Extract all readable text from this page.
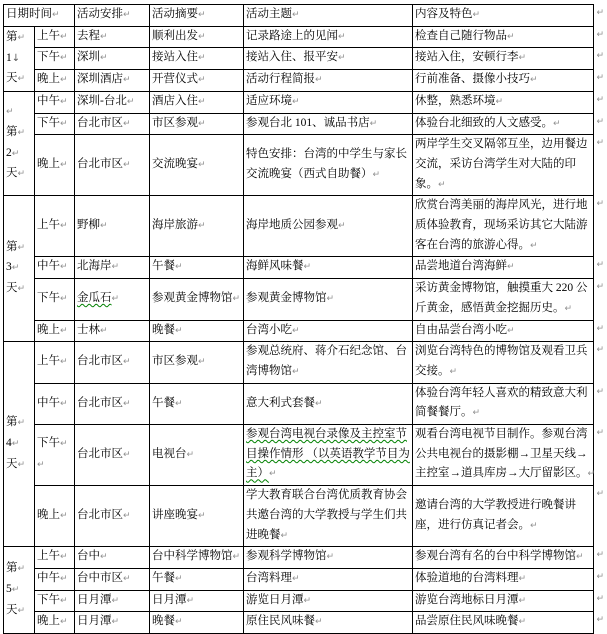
日期时间↵		活动安排↵	活动摘要↵	活动主题↵	内容及特色↵ ↵

第↵
1↓
天↵
	上午↵	去程↵	顺利出发↵	记录路途上的见闻↵	检查自己随行物品↵	↵

	下午↵	深圳↵	接站入住↵	接站入住、报平安↵	接站入住，安顿行李↵ ↵

	晚上↵	深圳酒店↵	开营仪式↵	活动行程简报↵	行前准备、摄像小技巧↵ ↵

↵
第↵
2↵
天↵
	中午↵	深圳-台北↵	酒店入住↵	适应环境↵	休整，熟悉环境↵	↵

	下午↵	台北市区↵	市区参观↵	参观台北 101、诚品书店↵	体验台北细致的人文感受。↵ ↵

	晚上↵	台北市区↵	交流晚宴↵	特色安排：台湾的中学生与家长交流晚宴（西式自助餐）↵	两岸学生交叉隔邻互坐，边用餐边交流，采访台湾学生对大陆的印象。↵
↵

第↵
3↵
天↵
	上午↵	野柳↵	海岸旅游↵	海岸地质公园参观↵	欣赏台湾美丽的海岸风光，进行地质体验教育，现场采访其它大陆游客在台湾的旅游心得。↵
↵

	中午↵	北海岸↵	午餐↵	海鲜风味餐↵	品尝地道台湾海鲜↵ ↵

	下午↵	金瓜石↵	参观黄金博物馆↵	参观黄金博物馆↵	采访黄金博物馆，触摸重大 220 公斤黄金，感悟黄金挖掘历史。↵
↵

	晚上↵	士林↵	晚餐↵	台湾小吃↵	自由品尝台湾小吃↵ ↵

第↵
4↵
天↵
	上午↵	台北市区↵	市区参观↵	参观总统府、蒋介石纪念馆、台湾博物馆↵	浏览台湾特色的博物馆及观看卫兵交接。↵
↵

	中午↵	台北市区↵	午餐↵	意大利式套餐↵	体验台湾年轻人喜欢的精致意大利简餐餐厅。↵
↵

	下午↵
↵	台北市区↵	电视台↵	参观台湾电视台录像及主控室节目操作情形 （以英语教学节目为主）↵	观看台湾电视节目制作。参观台湾公共电视台的摄影棚→卫星天线→主控室→道具库房→大厅留影区。↵
↵

	晚上↵	台北市区↵	讲座晚宴↵	学大教育联合台湾优质教育协会共邀台湾的大学教授与学生们共进晚餐↵	邀请台湾的大学教授进行晚餐讲座，进行仿真记者会。↵
↵

第↵
5↵
天↵
	上午↵	台中↵	台中科学博物馆↵	参观科学博物馆↵	参观台湾有名的台中科学博物馆↵ ↵

	中午↵	台中市区↵	午餐↵	台湾料理↵	体验道地的台湾料理↵ ↵

	下午↵	日月潭↵	日月潭↵	游览日月潭↵	游览台湾地标日月潭↵ ↵

	晚上↵	日月潭↵	晚餐↵	原住民风味餐↵	品尝原住民风味晚餐↵ ↵
